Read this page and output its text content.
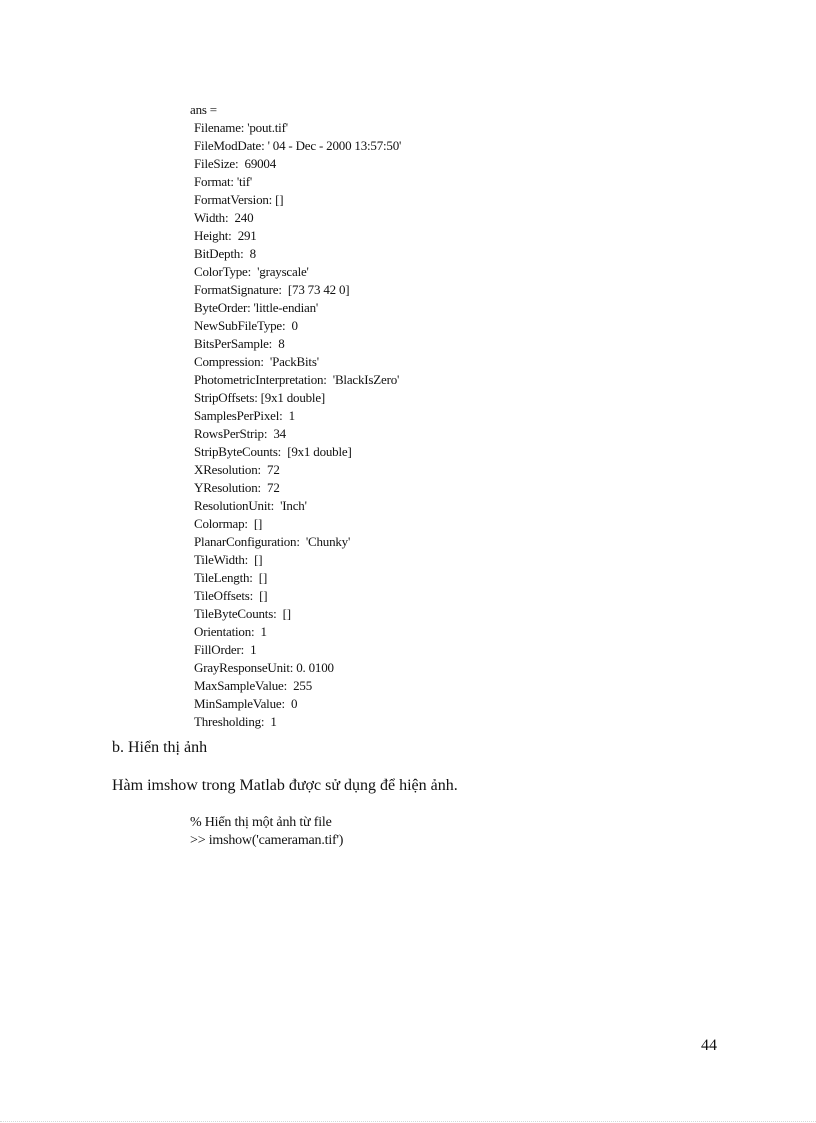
ans =
Filename: 'pout.tif'
FileModDate: ' 04 - Dec - 2000 13:57:50'
FileSize:  69004
Format: 'tif'
FormatVersion: []
Width:  240
Height:  291
BitDepth:  8
ColorType:  'grayscale'
FormatSignature:  [73 73 42 0]
ByteOrder: 'little-endian'
NewSubFileType:  0
BitsPerSample:  8
Compression:  'PackBits'
PhotometricInterpretation:  'BlackIsZero'
StripOffsets: [9x1 double]
SamplesPerPixel:  1
RowsPerStrip:  34
StripByteCounts:  [9x1 double]
XResolution:  72
YResolution:  72
ResolutionUnit:  'Inch'
Colormap:  []
PlanarConfiguration:  'Chunky'
TileWidth:  []
TileLength:  []
TileOffsets:  []
TileByteCounts:  []
Orientation:  1
FillOrder:  1
GrayResponseUnit: 0. 0100
MaxSampleValue:  255
MinSampleValue:  0
Thresholding:  1
b. Hiển thị ảnh
Hàm imshow trong Matlab được sử dụng để hiện ảnh.
% Hiển thị một ảnh từ file
>> imshow('cameraman.tif')
44
